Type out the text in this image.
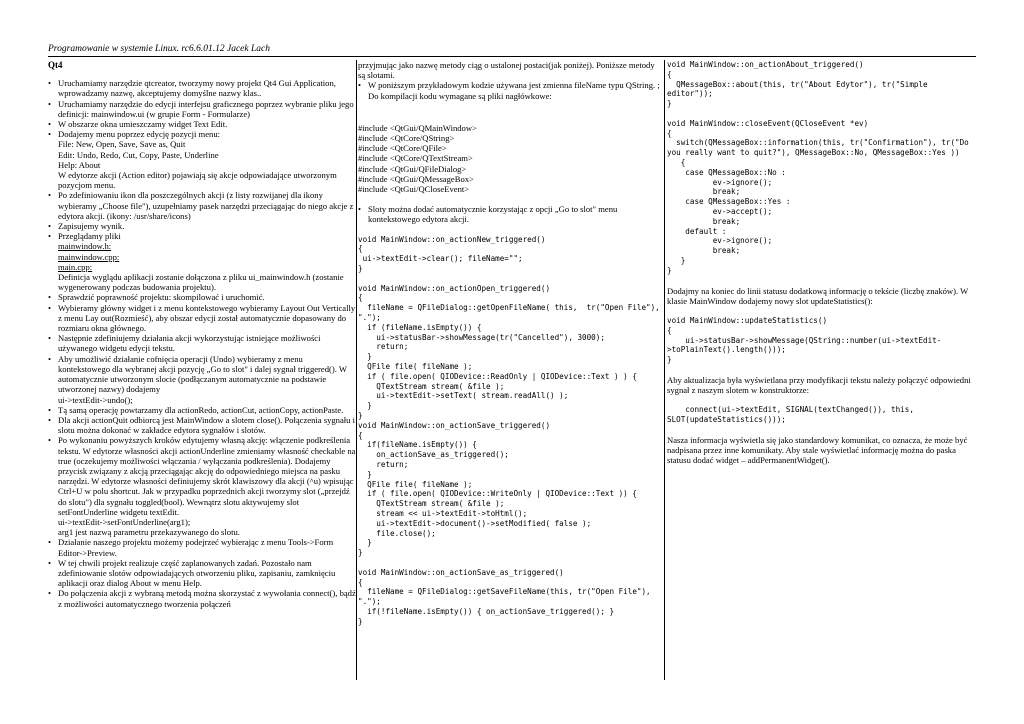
Programowanie w systemie Linux. rc6.6.01.12 Jacek Lach
Qt4
• Uruchamiamy narzędzie qtcreator, tworzymy nowy projekt Qt4 Gui Application, wprowadzamy nazwę, akceptujemy domyślne nazwy klas..
• Uruchamiamy narzędzie do edycji interfejsu graficznego poprzez wybranie pliku jego definicji: mainwindow.ui (w grupie Form - Formularze)
• W obszarze okna umieszczamy widget Text Edit.
• Dodajemy menu poprzez edycję pozycji menu:
File: New, Open, Save, Save as, Quit
Edit: Undo, Redo, Cut, Copy, Paste, Underline
Help: About
W edytorze akcji (Action editor) pojawiają się akcje odpowiadające utworzonym pozycjom menu.
• Po zdefiniowaniu ikon dla poszczególnych akcji (z listy rozwijanej dla ikony wybieramy „Choose file"), uzupełniamy pasek narzędzi przeciągając do niego akcje z edytora akcji. (ikony: /usr/share/icons)
• Zapisujemy wynik.
• Przeglądamy pliki
mainwindow.h:
mainwindow.cpp:
main.cpp:
Definicja wyglądu aplikacji zostanie dołączona z pliku ui_mainwindow.h (zostanie wygenerowany podczas budowania projektu).
• Sprawdzić poprawność projektu: skompilować i uruchomić.
• Wybieramy główny widget i z menu kontekstowego wybieramy Layout Out Vertically z menu Lay out(Rozmieść), aby obszar edycji został automatycznie dopasowany do rozmiaru okna głównego.
• Następnie zdefiniujemy działania akcji wykorzystując istniejące możliwości używanego widgetu edycji tekstu.
• Aby umożliwić działanie cofnięcia operacji (Undo) wybieramy z menu kontekstowego dla wybranej akcji pozycję „Go to slot" i dalej sygnał triggered(). W automatycznie utworzonym slocie (podłączanym automatycznie na podstawie utworzonej nazwy) dodajemy
ui->textEdit->undo();
• Tą samą operację powtarzamy dla actionRedo, actionCut, actionCopy, actionPaste.
• Dla akcji actionQuit odbiorcą jest MainWindow a slotem close(). Połączenia sygnału i slotu można dokonać w zakładce edytora sygnałów i slotów.
• Po wykonaniu powyższych kroków edytujemy własną akcję: włączenie podkreślenia tekstu. W edytorze własności akcji actionUnderline zmieniamy własność checkable na true (oczekujemy możliwości włączania / wyłączania podkreślenia). Dodajemy przycisk związany z akcją przeciągając akcję do odpowiedniego miejsca na pasku narzędzi. W edytorze własności definiujemy skrót klawiszowy dla akcji (^u) wpisując Ctrl+U w polu shortcut. Jak w przypadku poprzednich akcji tworzymy slot („przejdź do slotu") dla sygnału toggled(bool). Wewnątrz slotu aktywujemy slot setFontUnderline widgetu textEdit.
ui->textEdit->setFontUnderline(arg1);
arg1 jest nazwą parametru przekazywanego do slotu.
• Działanie naszego projektu możemy podejrzeć wybierając z menu Tools->Form Editor->Preview.
• W tej chwili projekt realizuje część zaplanowanych zadań. Pozostało nam zdefiniowanie slotów odpowiadających otworzeniu pliku, zapisaniu, zamknięciu aplikacji oraz dialog About w menu Help.
• Do połączenia akcji z wybraną metodą można skorzystać z wywołania connect(), bądź z możliwości automatycznego tworzenia połączeń

przyjmując jako nazwę metody ciąg o ustalonej postaci(jak poniżej). Poniższe metody są slotami.

• W poniższym przykładowym kodzie używana jest zmienna fileName typu QString. ; Do kompilacji kodu wymagane są pliki nagłówkowe:

#include <QtGui/QMainWindow>
#include <QtCore/QString>
#include <QtCore/QFile>
#include <QtCore/QTextStream>
#include <QtGui/QFileDialog>
#include <QtGui/QMessageBox>
#include <QtGui/QCloseEvent>

• Sloty można dodać automatycznie korzystając z opcji „Go to slot" menu kontekstowego edytora akcji.
void MainWindow::on_actionNew_triggered()
{
ui->textEdit->clear(); fileName="";
}

void MainWindow::on_actionOpen_triggered()
{
fileName = QFileDialog::getOpenFileName( this,  tr("Open File"), ".");
if (fileName.isEmpty()) {
ui->statusBar->showMessage(tr("Cancelled"), 3000);
return;
}
QFile file( fileName );
if ( file.open( QIODevice::ReadOnly | QIODevice::Text ) ) {
QTextStream stream( &file );
ui->textEdit->setText( stream.readAll() );
}
}
void MainWindow::on_actionSave_triggered()
{
if(fileName.isEmpty()) {
on_actionSave_as_triggered();
return;
}
QFile file( fileName );
if ( file.open( QIODevice::WriteOnly | QIODevice::Text )) {
QTextStream stream( &file );
stream << ui->textEdit->toHtml();
ui->textEdit->document()->setModified( false );
file.close();
}
}

void MainWindow::on_actionSave_as_triggered()
{
fileName = QFileDialog::getSaveFileName(this, tr("Open File"), ".");
if(!fileName.isEmpty()) { on_actionSave_triggered(); }
}
void MainWindow::on_actionAbout_triggered()
{
QMessageBox::about(this, tr("About Edytor"), tr("Simple editor"));
}

void MainWindow::closeEvent(QCloseEvent *ev)
{
switch(QMessageBox::information(this, tr("Confirmation"), tr("Do you really want to quit?"), QMessageBox::No, QMessageBox::Yes ))
{
case QMessageBox::No :
ev->ignore();
break;
case QMessageBox::Yes :
ev->accept();
break;
default :
ev->ignore();
break;
}
}

Dodajmy na koniec do linii statusu dodatkową informację o tekście (liczbę znaków). W klasie MainWindow dodajemy nowy slot updateStatistics():

void MainWindow::updateStatistics()
{
ui->statusBar->showMessage(QString::number(ui->textEdit->toPlainText().length()));
}

Aby aktualizacja była wyświetlana przy modyfikacji tekstu należy połączyć odpowiedni sygnał z naszym slotem w konstruktorze:

connect(ui->textEdit, SIGNAL(textChanged()), this, SLOT(updateStatistics()));

Nasza informacja wyświetla się jako standardowy komunikat, co oznacza, że może być nadpisana przez inne komunikaty. Aby stale wyświetlać informację można do paska statusu dodać widget – addPermanentWidget().
